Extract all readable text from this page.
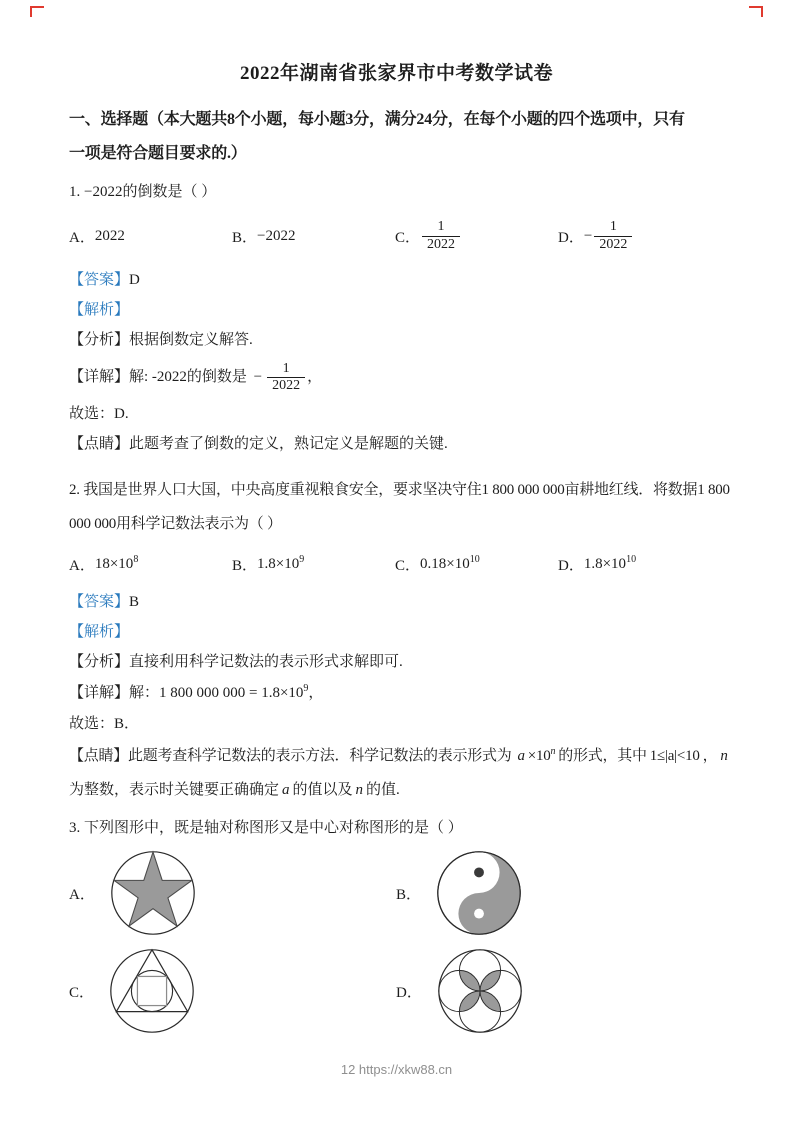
2022年湖南省张家界市中考数学试卷
一、选择题（本大题共8个小题，每小题3分，满分24分，在每个小题的四个选项中，只有
一项是符合题目要求的.）

1. −2022的倒数是（ ）

A． 2022	B． −2022	C． $\frac{1}{2022}$	D． − $\frac{1}{2022}$

【答案】D

【解析】

【分析】根据倒数定义解答.

【详解】解: -2022的倒数是 − $\frac{1}{2022}$ ，

故选：D.

【点睛】此题考查了倒数的定义，熟记定义是解题的关键.

2. 我国是世界人口大国，中央高度重视粮食安全，要求坚决守住1 800 000 000亩耕地红线．将数据1 800

000 000用科学记数法表示为（ ）

A． $18\times 10^8$	B． $1.8\times 10^9$	C． $0.18\times 10^{10}$	D． $1.8\times 10^{10}$

【答案】B

【解析】

【分析】直接利用科学记数法的表示形式求解即可.

【详解】解：1 800 000 $000 = 1.8\times 10^9$，

故选：B．

【点睛】此题考查科学记数法的表示方法．科学记数法的表示形式为 $a \times 10^n$ 的形式，其中 1≤|a|<10 ， n

为整数，表示时关键要正确确定 a 的值以及 n 的值.

3. 下列图形中，既是轴对称图形又是中心对称图形的是（ ）

A．	B．
C．	D．
12 https://xkw88.cn
